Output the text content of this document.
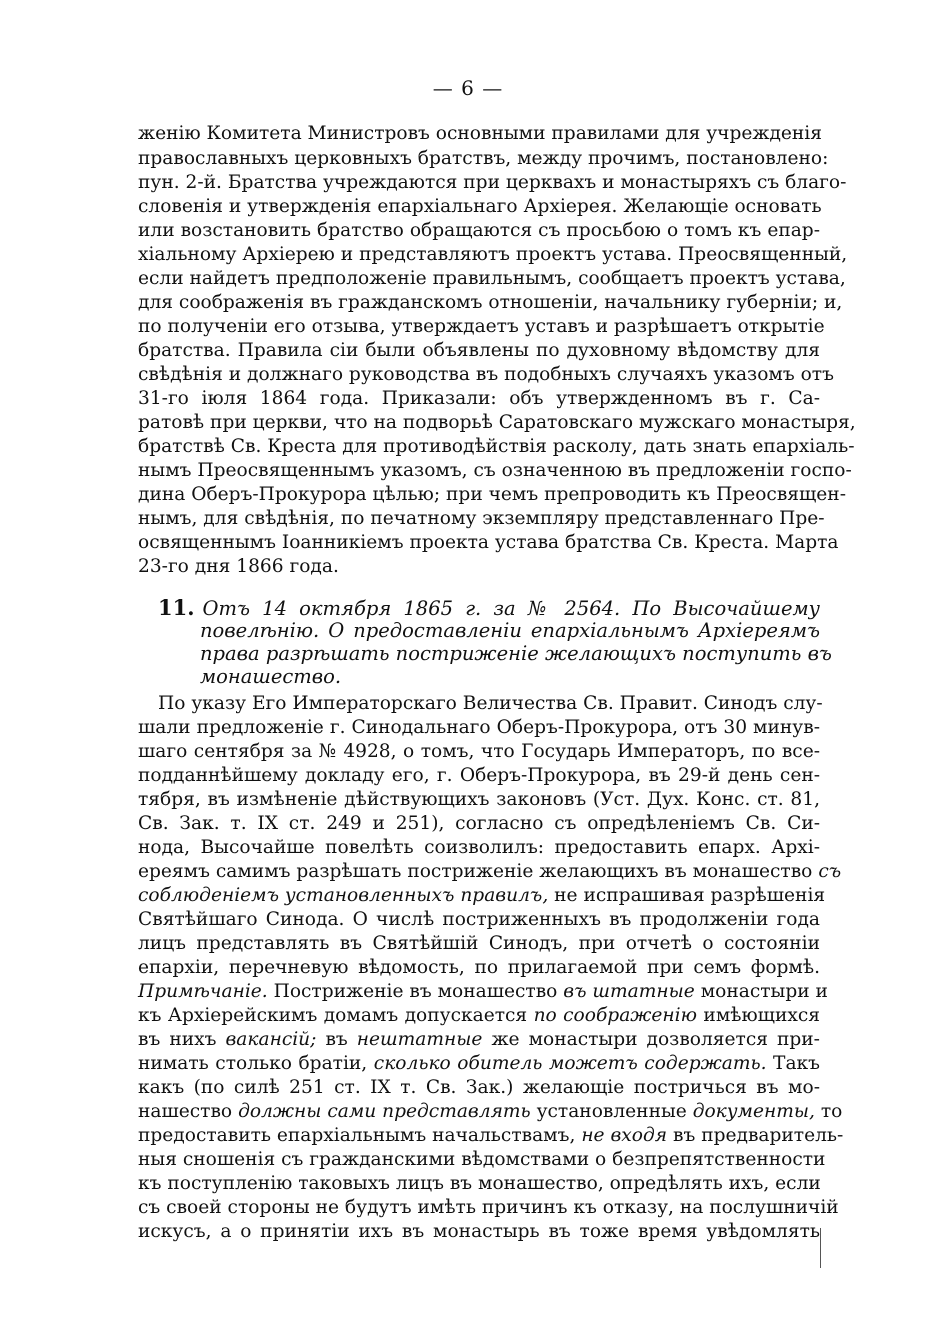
— 6 —
женію Комитета Министровъ основными правилами для учрежденія
православныхъ церковныхъ братствъ, между прочимъ, постановлено:
пун. 2-й. Братства учреждаются при церквахъ и монастыряхъ съ благо-
словенія и утвержденія епархіальнаго Архіерея. Желающіе основать
или возстановить братство обращаются съ просьбою о томъ къ епар-
хіальному Архіерею и представляютъ проектъ устава. Преосвященный,
если найдетъ предположеніе правильнымъ, сообщаетъ проектъ устава,
для соображенія въ гражданскомъ отношеніи, начальнику губерніи; и,
по полученіи его отзыва, утверждаетъ уставъ и разрѣшаетъ открытіе
братства. Правила сіи были объявлены по духовному вѣдомству для
свѣдѣнія и должнаго руководства въ подобныхъ случаяхъ указомъ отъ
31-го іюля 1864 года. Приказали: объ утвержденномъ въ г. Са-
ратовѣ при церкви, что на подворьѣ Саратовскаго мужскаго монастыря,
братствѣ Св. Креста для противодѣйствія расколу, дать знать епархіаль-
нымъ Преосвященнымъ указомъ, съ означенною въ предложеніи госпо-
дина Оберъ-Прокурора цѣлью; при чемъ препроводить къ Преосвящен-
нымъ, для свѣдѣнія, по печатному экземпляру представленнаго Пре-
освященнымъ Іоанникіемъ проекта устава братства Св. Креста. Марта
23-го дня 1866 года.
11. Отъ 14 октября 1865 г. за № 2564. По Высочайшему
повелѣнію. О предоставленіи епархіальнымъ Архіереямъ
права разрѣшать постриженіе желающихъ поступить въ
монашество.
По указу Его Императорскаго Величества Св. Правит. Синодъ слу-
шали предложеніе г. Синодальнаго Оберъ-Прокурора, отъ 30 минув-
шаго сентября за № 4928, о томъ, что Государь Императоръ, по все-
подданнѣйшему докладу его, г. Оберъ-Прокурора, въ 29-й день сен-
тября, въ измѣненіе дѣйствующихъ законовъ (Уст. Дух. Конс. ст. 81,
Св. Зак. т. IX ст. 249 и 251), согласно съ опредѣленіемъ Св. Си-
нода, Высочайше повелѣть соизволилъ: предоставить епарх. Архі-
ереямъ самимъ разрѣшать постриженіе желающихъ въ монашество съ
соблюденіемъ установленныхъ правилъ, не испрашивая разрѣшенія
Святѣйшаго Синода. О числѣ постриженныхъ въ продолженіи года
лицъ представлять въ Святѣйшій Синодъ, при отчетѣ о состояніи
епархіи, перечневую вѣдомость, по прилагаемой при семъ формѣ.
Примѣчаніе. Постриженіе въ монашество въ штатные монастыри и
къ Архіерейскимъ домамъ допускается по соображенію имѣющихся
въ нихъ вакансій; въ нештатные же монастыри дозволяется при-
нимать столько братіи, сколько обитель можетъ содержать. Такъ
какъ (по силѣ 251 ст. IX т. Св. Зак.) желающіе постричься въ мо-
нашество должны сами представлять установленные документы, то
предоставить епархіальнымъ начальствамъ, не входя въ предваритель-
ныя сношенія съ гражданскими вѣдомствами о безпрепятственности
къ поступленію таковыхъ лицъ въ монашество, опредѣлять ихъ, если
съ своей стороны не будутъ имѣть причинъ къ отказу, на послушничій
искусъ, а о принятіи ихъ въ монастырь въ тоже время увѣдомлять
